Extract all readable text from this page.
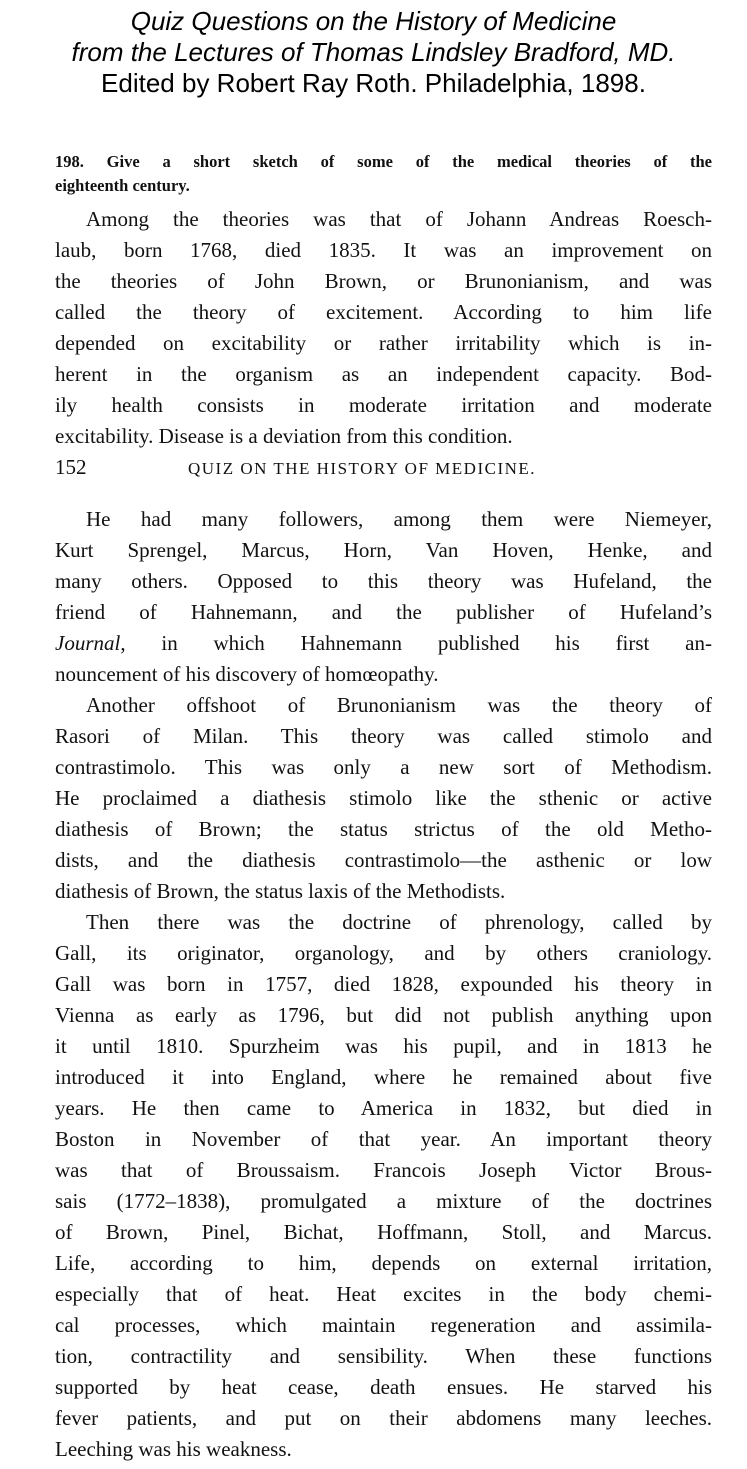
Quiz Questions on the History of Medicine
from the Lectures of Thomas Lindsley Bradford, MD.
Edited by Robert Ray Roth. Philadelphia, 1898.
198. Give a short sketch of some of the medical theories of the
eighteenth century.
Among the theories was that of Johann Andreas Roesch-
laub, born 1768, died 1835. It was an improvement on
the theories of John Brown, or Brunonianism, and was
called the theory of excitement. According to him life
depended on excitability or rather irritability which is in-
herent in the organism as an independent capacity. Bod-
ily health consists in moderate irritation and moderate
excitability. Disease is a deviation from this condition.
152	QUIZ ON THE HISTORY OF MEDICINE.
He had many followers, among them were Niemeyer,
Kurt Sprengel, Marcus, Horn, Van Hoven, Henke, and
many others. Opposed to this theory was Hufeland, the
friend of Hahnemann, and the publisher of Hufeland’s
Journal, in which Hahnemann published his first an-
nouncement of his discovery of homœopathy.
Another offshoot of Brunonianism was the theory of
Rasori of Milan. This theory was called stimolo and
contrastimolo. This was only a new sort of Methodism.
He proclaimed a diathesis stimolo like the sthenic or active
diathesis of Brown; the status strictus of the old Metho-
dists, and the diathesis contrastimolo—the asthenic or low
diathesis of Brown, the status laxis of the Methodists.
Then there was the doctrine of phrenology, called by
Gall, its originator, organology, and by others craniology.
Gall was born in 1757, died 1828, expounded his theory in
Vienna as early as 1796, but did not publish anything upon
it until 1810. Spurzheim was his pupil, and in 1813 he
introduced it into England, where he remained about five
years. He then came to America in 1832, but died in
Boston in November of that year. An important theory
was that of Broussaism. Francois Joseph Victor Brous-
sais (1772–1838), promulgated a mixture of the doctrines
of Brown, Pinel, Bichat, Hoffmann, Stoll, and Marcus.
Life, according to him, depends on external irritation,
especially that of heat. Heat excites in the body chemi-
cal processes, which maintain regeneration and assimila-
tion, contractility and sensibility. When these functions
supported by heat cease, death ensues. He starved his
fever patients, and put on their abdomens many leeches.
Leeching was his weakness.
